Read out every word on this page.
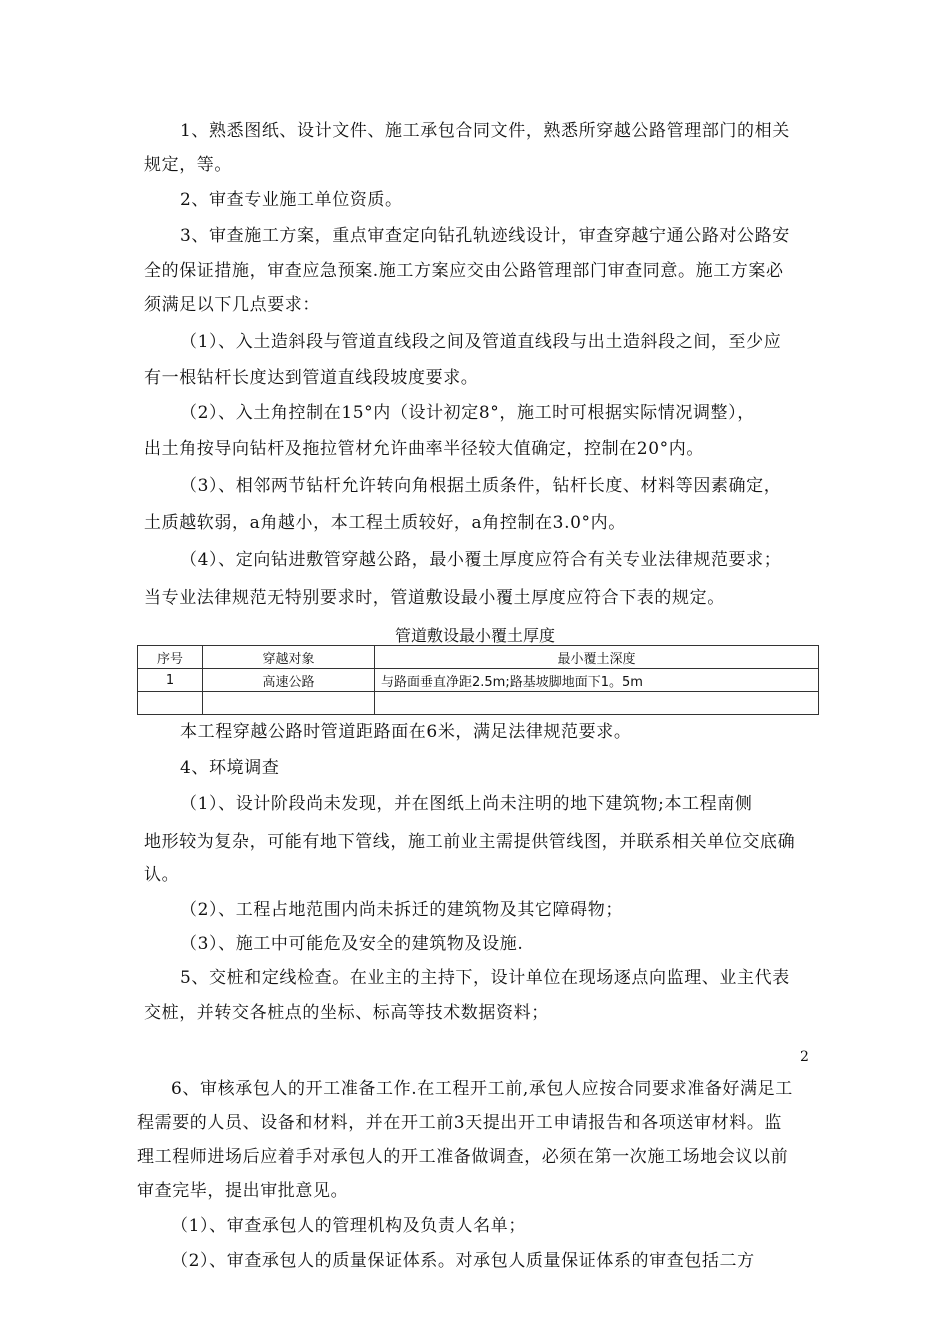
1、熟悉图纸、设计文件、施工承包合同文件，熟悉所穿越公路管理部门的相关
规定，等。
2、审查专业施工单位资质。
3、审查施工方案，重点审查定向钻孔轨迹线设计，审查穿越宁通公路对公路安
全的保证措施，审查应急预案.施工方案应交由公路管理部门审查同意。施工方案必
须满足以下几点要求：
（1）、入土造斜段与管道直线段之间及管道直线段与出土造斜段之间，至少应
有一根钻杆长度达到管道直线段坡度要求。
（2）、入土角控制在15°内（设计初定8°，施工时可根据实际情况调整），
出土角按导向钻杆及拖拉管材允许曲率半径较大值确定，控制在20°内。
（3）、相邻两节钻杆允许转向角根据土质条件，钻杆长度、材料等因素确定，
土质越软弱，a角越小，本工程土质较好，a角控制在3.0°内。
（4）、定向钻进敷管穿越公路，最小覆土厚度应符合有关专业法律规范要求；
当专业法律规范无特别要求时，管道敷设最小覆土厚度应符合下表的规定。
管道敷设最小覆土厚度
序号	穿越对象	最小覆土深度
1	高速公路	与路面垂直净距2.5m;路基坡脚地面下1。5m

本工程穿越公路时管道距路面在6米，满足法律规范要求。
4、环境调查
（1）、设计阶段尚未发现，并在图纸上尚未注明的地下建筑物;本工程南侧
地形较为复杂，可能有地下管线，施工前业主需提供管线图，并联系相关单位交底确
认。
（2）、工程占地范围内尚未拆迁的建筑物及其它障碍物；
（3）、施工中可能危及安全的建筑物及设施.
5、交桩和定线检查。在业主的主持下，设计单位在现场逐点向监理、业主代表
交桩，并转交各桩点的坐标、标高等技术数据资料；
2
6、审核承包人的开工准备工作.在工程开工前,承包人应按合同要求准备好满足工
程需要的人员、设备和材料，并在开工前3天提出开工申请报告和各项送审材料。监
理工程师进场后应着手对承包人的开工准备做调查，必须在第一次施工场地会议以前
审查完毕，提出审批意见。
（1）、审查承包人的管理机构及负责人名单；
（2）、审查承包人的质量保证体系。对承包人质量保证体系的审查包括二方
